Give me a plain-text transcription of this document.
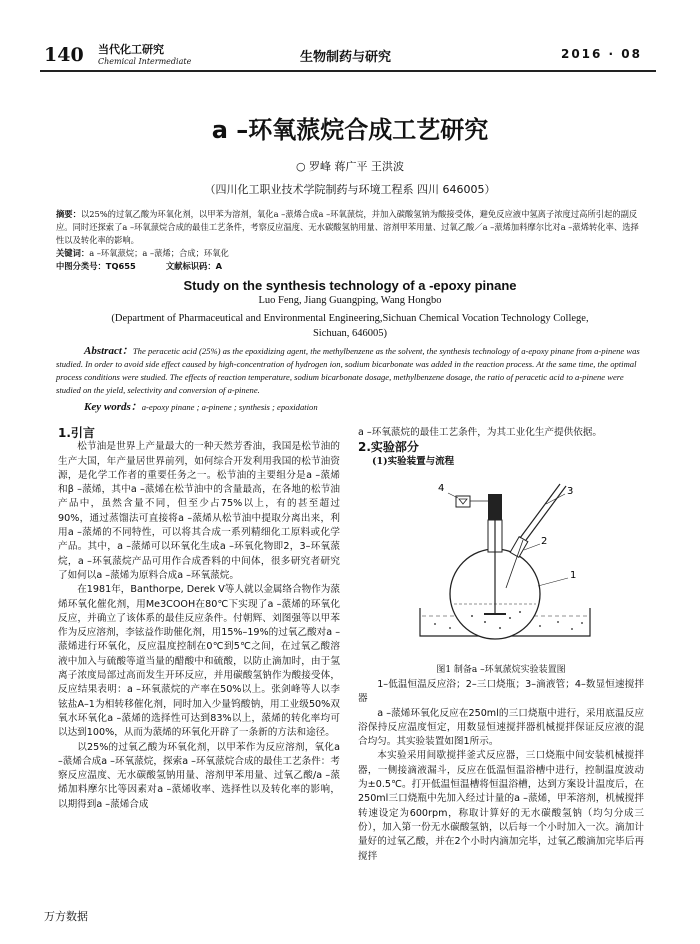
140 当代化工研究
Chemical Intermediate	生物制药与研究	2016 · 08
a –环氧蒎烷合成工艺研究
○ 罗峰 蒋广平 王洪波
（四川化工职业技术学院制药与环境工程系 四川 646005）
摘要：以25%的过氧乙酸为环氧化剂，以甲苯为溶剂，氧化a –蒎烯合成a –环氧蒎烷，并加入碳酸氢钠为酸接受体，避免反应液中氢离子浓度过高所引起的副反应。同时还探索了a –环氧蒎烷合成的最佳工艺条件，考察反应温度、无水碳酸氢钠用量、溶剂甲苯用量、过氧乙酸／a –蒎烯加料摩尔比对a –蒎烯转化率、选择性以及转化率的影响。
关键词：a –环氧蒎烷；a –蒎烯；合成；环氧化
中图分类号：TQ655	文献标识码：A
Study on the synthesis technology of a -epoxy pinane
Luo Feng, Jiang Guangping, Wang Hongbo
(Department of Pharmaceutical and Environmental Engineering,Sichuan Chemical Vocation Technology College,
Sichuan, 646005)
Abstract：The peracetic acid (25%) as the epoxidizing agent, the methylbenzene as the solvent, the synthesis technology of a-epoxy pinane from a-pinene was studied. In order to avoid side effect caused by high-concentration of hydrogen ion, sodium bicarbonate was added in the reaction process. At the same time, the optimal process conditions were studied. The effects of reaction temperature, sodium bicarbonate dosage, methylbenzene dosage, the ratio of peracetic acid to a-pinene were studied on the yield, selectivity and conversion of a-pinene.
Key words：a-epoxy pinane ; a-pinene ; synthesis ; epoxidation
1.引言

松节油是世界上产量最大的一种天然芳香油，我国是松节油的生产大国，年产量居世界前列，如何综合开发利用我国的松节油资源，是化学工作者的重要任务之一。松节油的主要组分是a –蒎烯和β –蒎烯，其中a –蒎烯在松节油中的含量最高，在各地的松节油产品中，虽然含量不同，但至少占75%以上，有的甚至超过90%，通过蒸馏法可直接将a –蒎烯从松节油中提取分离出来，利用a –蒎烯的不同特性，可以将其合成一系列精细化工原料或化学产品。其中，a –蒎烯可以环氧化生成a –环氧化物即2，3–环氧蒎烷，a –环氧蒎烷产品可用作合成香料的中间体，很多研究者研究了如何以a –蒎烯为原料合成a –环氧蒎烷。

在1981年，Banthorpe, Derek V等人就以金属络合物作为蒎烯环氧化催化剂，用Me3COOH在80℃下实现了a –蒎烯的环氧化反应，并确立了该体系的最佳反应条件。付朝辉、刘图强等以甲苯作为反应溶剂，李铉益作助催化剂，用15%–19%的过氧乙酸对a –蒎烯进行环氧化，反应温度控制在0℃到5℃之间，在过氧乙酸溶液中加入与硫酸等道当量的醋酸中和硫酸，以防止滴加时，由于氢离子浓度局部过高而发生开环反应，并用碳酸氢钠作为酸接受体，反应结果表明：a –环氧蒎烷的产率在50%以上。张剑峰等人以李铉盐A–1为相转移催化剂，同时加入少量钨酸钠，用工业级50%双氧水环氧化a –蒎烯的选择性可达到83%以上，蒎烯的转化率均可以达到100%，从而为蒎烯的环氧化开辟了一条新的方法和途径。

以25%的过氧乙酸为环氧化剂，以甲苯作为反应溶剂，氧化a –蒎烯合成a –环氧蒎烷，探索a –环氧蒎烷合成的最佳工艺条件：考察反应温度、无水碳酸氢钠用量、溶剂甲苯用量、过氧乙酸/a –蒎烯加料摩尔比等因素对a –蒎烯收率、选择性以及转化率的影响，以期得到a –蒎烯合成

a –环氧蒎烷的最佳工艺条件，为其工业化生产提供依据。
2.实验部分
(1)实验装置与流程
4	3
2
1
图1 制备a –环氧蒎烷实验装置图

1–低温恒温反应浴；2–三口烧瓶；3–滴液管；4–数显恒速搅拌器

a –蒎烯环氧化反应在250ml的三口烧瓶中进行，采用底温反应浴保持反应温度恒定，用数显恒速搅拌器机械搅拌保证反应液的混合均匀。其实验装置如图1所示。

本实验采用间歇搅拌釜式反应器，三口烧瓶中间安装机械搅拌器，一侧接滴液漏斗，反应在低温恒温浴槽中进行，控制温度波动为±0.5℃。打开低温恒温槽将恒温浴槽，达到方案设计温度后，在250ml三口烧瓶中先加入经过计量的a –蒎烯，甲苯溶剂，机械搅拌转速设定为600rpm，称取计算好的无水碳酸氢钠（均匀分成三份），加入第一份无水碳酸氢钠，以后每一个小时加入一次。滴加计量好的过氧乙酸，并在2个小时内滴加完毕，过氧乙酸滴加完毕后再搅拌

万方数据
